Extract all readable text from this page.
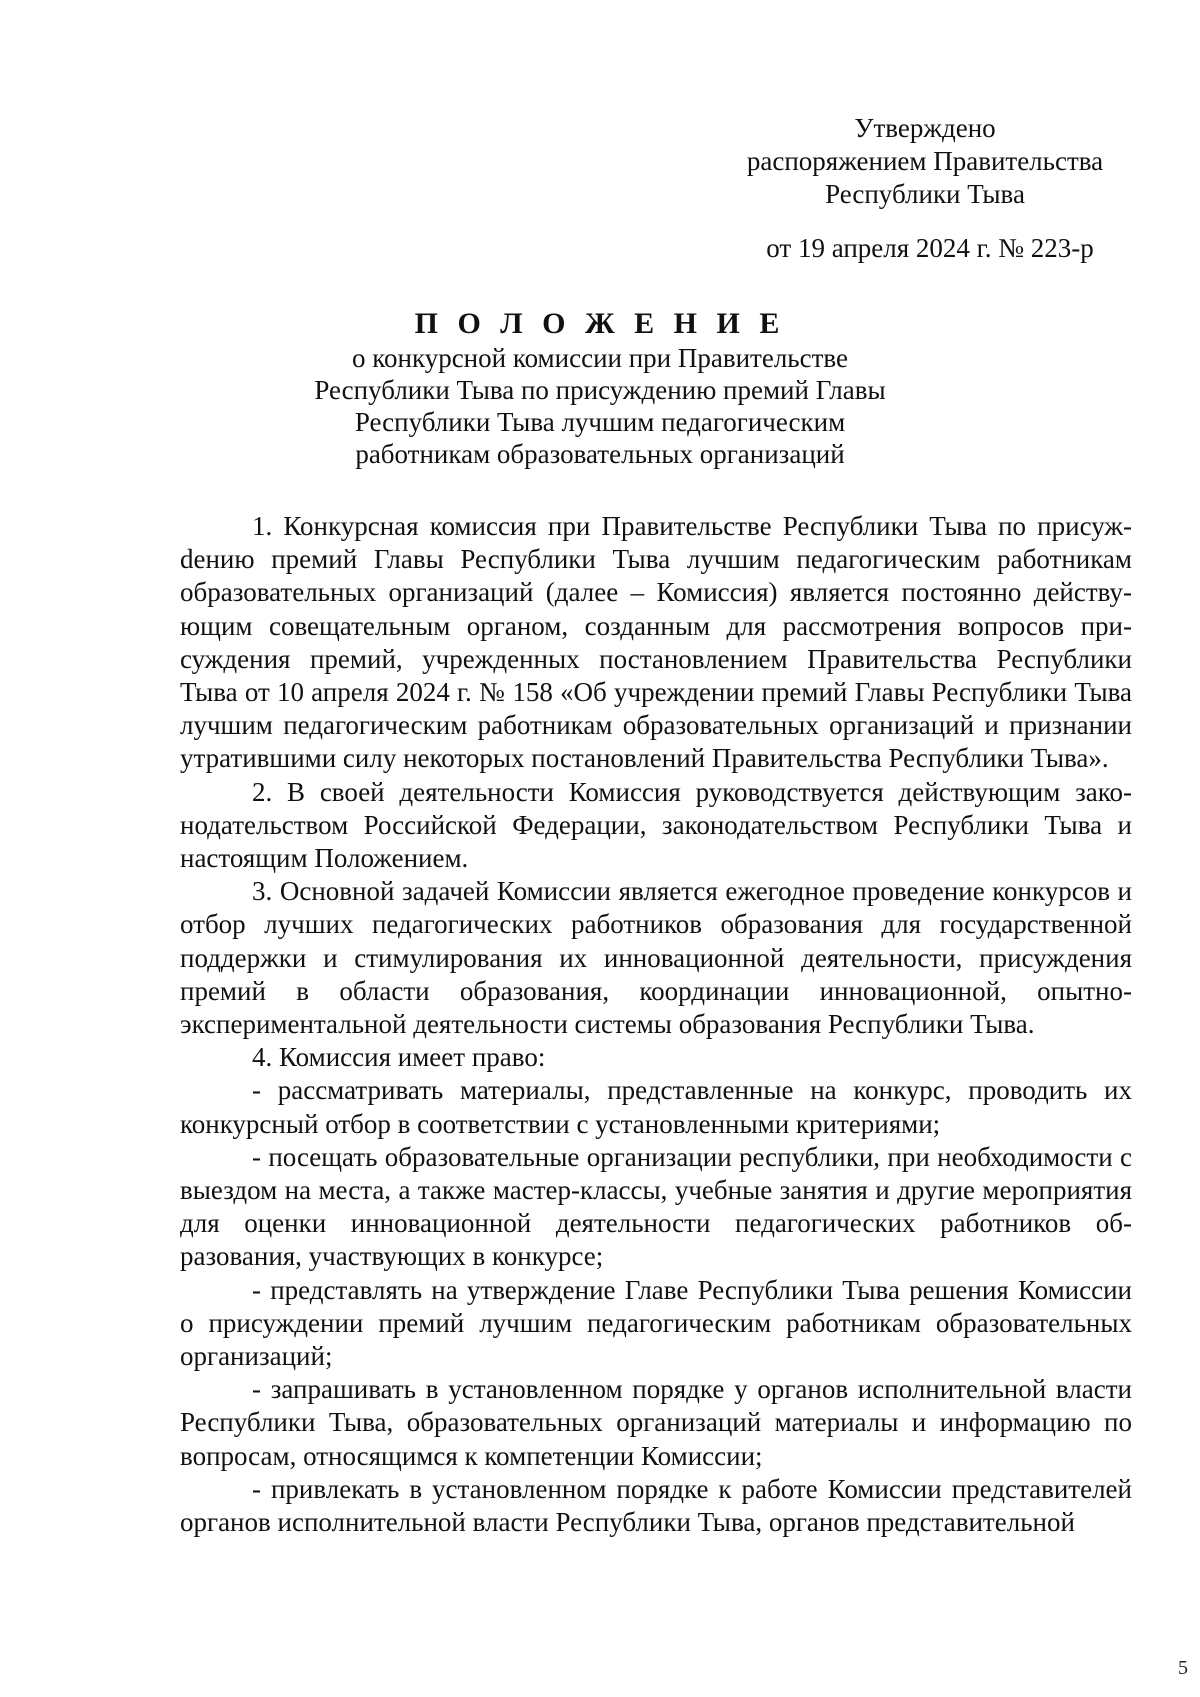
Утверждено
распоряжением Правительства
Республики Тыва
от 19 апреля 2024 г. № 223-р
П О Л О Ж Е Н И Е
о конкурсной комиссии при Правительстве
Республики Тыва по присуждению премий Главы
Республики Тыва лучшим педагогическим
работникам образовательных организаций

1. Конкурсная комиссия при Правительстве Республики Тыва по присужdению премий Главы Республики Тыва лучшим педагогическим работникам образовательных организаций (далее – Комиссия) является постоянно действующим совещательным органом, созданным для рассмотрения вопросов присуждения премий, учрежденных постановлением Правительства Республики Тыва от 10 апреля 2024 г. № 158 «Об учреждении премий Главы Республики Тыва лучшим педагогическим работникам образовательных организаций и признании утратившими силу некоторых постановлений Правительства Республики Тыва».

2. В своей деятельности Комиссия руководствуется действующим законодательством Российской Федерации, законодательством Республики Тыва и настоящим Положением.

3. Основной задачей Комиссии является ежегодное проведение конкурсов и отбор лучших педагогических работников образования для государственной поддержки и стимулирования их инновационной деятельности, присуждения премий в области образования, координации инновационной, опытно-экспериментальной деятельности системы образования Республики Тыва.

4. Комиссия имеет право:

- рассматривать материалы, представленные на конкурс, проводить их конкурсный отбор в соответствии с установленными критериями;

- посещать образовательные организации республики, при необходимости с выездом на места, а также мастер-классы, учебные занятия и другие мероприятия для оценки инновационной деятельности педагогических работников образования, участвующих в конкурсе;

- представлять на утверждение Главе Республики Тыва решения Комиссии о присуждении премий лучшим педагогическим работникам образовательных организаций;

- запрашивать в установленном порядке у органов исполнительной власти Республики Тыва, образовательных организаций материалы и информацию по вопросам, относящимся к компетенции Комиссии;

- привлекать в установленном порядке к работе Комиссии представителей органов исполнительной власти Республики Тыва, органов представительной

5
